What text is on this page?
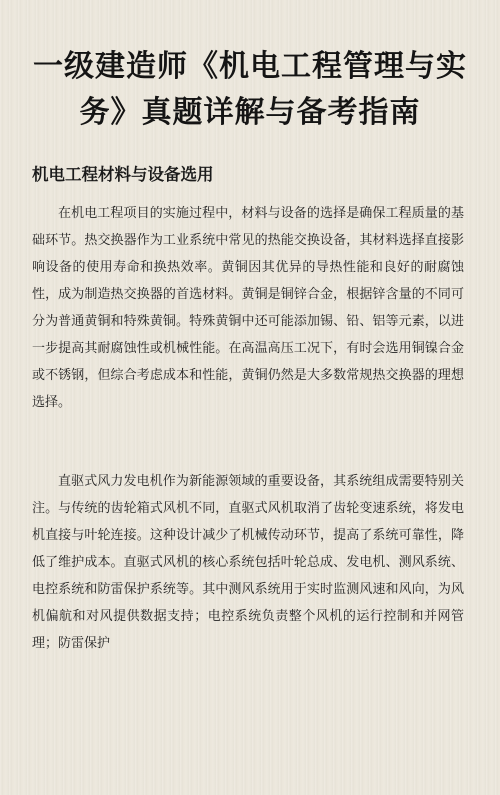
一级建造师《机电工程管理与实务》真题详解与备考指南
机电工程材料与设备选用

在机电工程项目的实施过程中，材料与设备的选择是确保工程质量的基础环节。热交换器作为工业系统中常见的热能交换设备，其材料选择直接影响设备的使用寿命和换热效率。黄铜因其优异的导热性能和良好的耐腐蚀性，成为制造热交换器的首选材料。黄铜是铜锌合金，根据锌含量的不同可分为普通黄铜和特殊黄铜。特殊黄铜中还可能添加锡、铅、铝等元素，以进一步提高其耐腐蚀性或机械性能。在高温高压工况下，有时会选用铜镍合金或不锈钢，但综合考虑成本和性能，黄铜仍然是大多数常规热交换器的理想选择。

直驱式风力发电机作为新能源领域的重要设备，其系统组成需要特别关注。与传统的齿轮箱式风机不同，直驱式风机取消了齿轮变速系统，将发电机直接与叶轮连接。这种设计减少了机械传动环节，提高了系统可靠性，降低了维护成本。直驱式风机的核心系统包括叶轮总成、发电机、测风系统、电控系统和防雷保护系统等。其中测风系统用于实时监测风速和风向，为风机偏航和对风提供数据支持；电控系统负责整个风机的运行控制和并网管理；防雷保护
